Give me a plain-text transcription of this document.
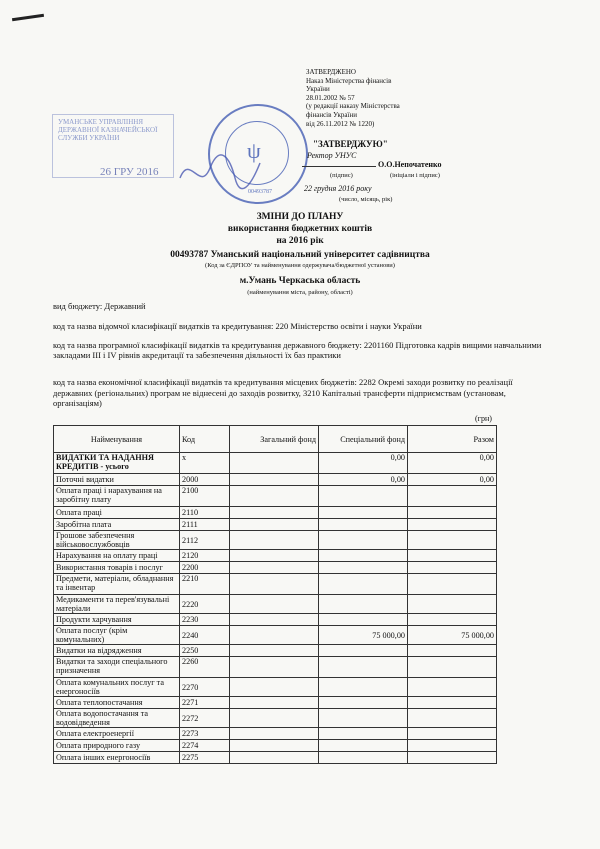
УМАНСЬКЕ УПРАВЛІННЯ
ДЕРЖАВНОЇ КАЗНАЧЕЙСЬКОЇ
СЛУЖБИ УКРАЇНИ
26 ГРУ 2016
ψ
00493787
ЗАТВЕРДЖЕНО
Наказ Міністерства фінансів
України
28.01.2002 № 57
(у редакції наказу Міністерства
фінансів України
від 26.11.2012 № 1220)
"ЗАТВЕРДЖУЮ"
Ректор УНУС
О.О.Непочатенко
(підпис)	(ініціали і підпис)
22 грудня 2016 року
(число, місяць, рік)
ЗМІНИ ДО ПЛАНУ
використання бюджетних коштів
на 2016 рік
00493787 Уманський національний університет садівництва
(Код за ЄДРПОУ та найменування одержувача/бюджетної установи)
м.Умань Черкаська область
(найменування міста, району, області)
вид бюджету: Державний
код та назва відомчої класифікації видатків та кредитування: 220 Міністерство освіти і науки України
код та назва програмної класифікації видатків та кредитування державного бюджету: 2201160 Підготовка кадрів вищими навчальними закладами III і IV рівнів акредитації та забезпечення діяльності їх баз практики
код та назва економічної класифікації видатків та кредитування місцевих бюджетів: 2282 Окремі заходи розвитку по реалізації державних (регіональних) програм не віднесені до заходів розвитку, 3210 Капітальні трансферти підприємствам (установам, організаціям)
(грн)
Найменування	Код	Загальний фонд	Спеціальний фонд	Разом
ВИДАТКИ ТА НАДАННЯ КРЕДИТІВ - усього	x		0,00	0,00
Поточні видатки	2000		0,00	0,00
Оплата праці і нарахування на заробітну плату	2100			
Оплата праці	2110			
Заробітна плата	2111			
Грошове забезпечення військовослужбовців	2112			
Нарахування на оплату праці	2120			
Використання товарів і послуг	2200			
Предмети, матеріали, обладнання та інвентар	2210			
Медикаменти та перев'язувальні матеріали	2220			
Продукти харчування	2230			
Оплата послуг (крім комунальних)	2240		75 000,00	75 000,00
Видатки на відрядження	2250			
Видатки та заходи спеціального призначення	2260			
Оплата комунальних послуг та енергоносіїв	2270			
Оплата теплопостачання	2271			
Оплата водопостачання та водовідведення	2272			
Оплата електроенергії	2273			
Оплата природного газу	2274			
Оплата інших енергоносіїв	2275			
